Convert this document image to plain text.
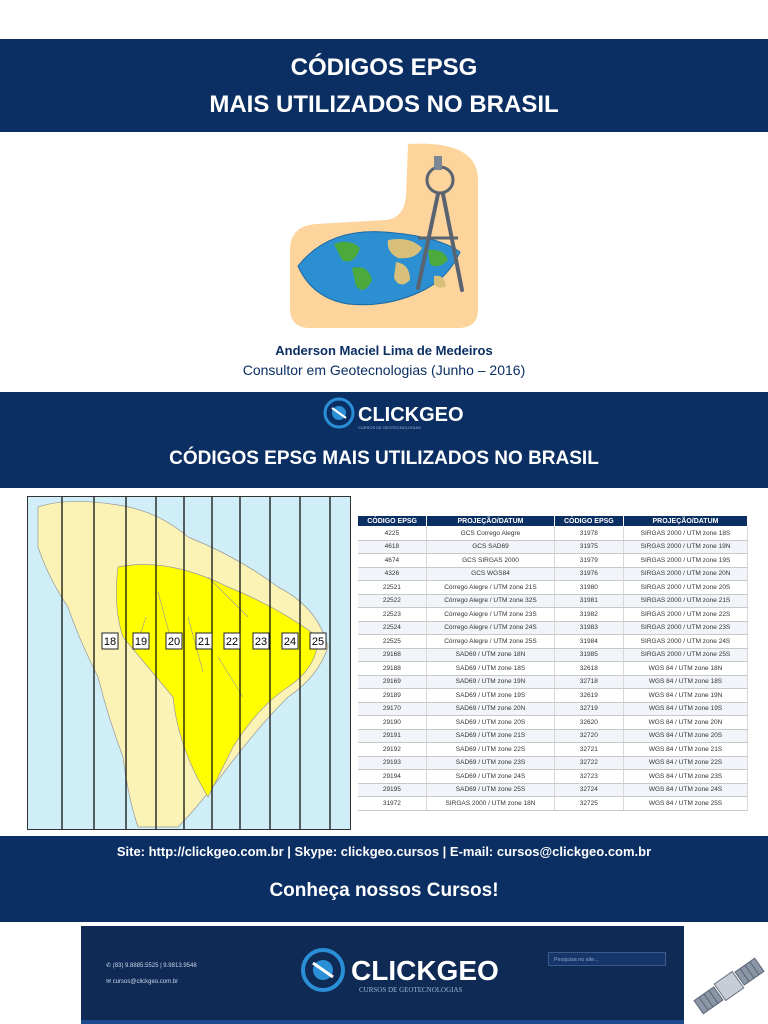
CÓDIGOS EPSG
MAIS UTILIZADOS NO BRASIL
Anderson Maciel Lima de Medeiros
Consultor em Geotecnologias (Junho – 2016)
CLICKGEO
CURSOS DE GEOTECNOLOGIAS
CÓDIGOS EPSG MAIS UTILIZADOS NO BRASIL
18 19 20 21 22 23 24 25
CÓDIGO EPSG	PROJEÇÃO/DATUM	CÓDIGO EPSG	PROJEÇÃO/DATUM
4225	GCS Corrego Alegre	31978	SIRGAS 2000 / UTM zone 18S
4618	GCS SAD69	31975	SIRGAS 2000 / UTM zone 19N
4674	GCS SIRGAS 2000	31979	SIRGAS 2000 / UTM zone 19S
4326	GCS WGS84	31976	SIRGAS 2000 / UTM zone 20N
22521	Córrego Alegre / UTM zone 21S	31980	SIRGAS 2000 / UTM zone 20S
22522	Córrego Alegre / UTM zone 32S	31981	SIRGAS 2000 / UTM zone 21S
22523	Córrego Alegre / UTM zone 23S	31982	SIRGAS 2000 / UTM zone 22S
22524	Córrego Alegre / UTM zone 24S	31983	SIRGAS 2000 / UTM zone 23S
22525	Córrego Alegre / UTM zone 25S	31984	SIRGAS 2000 / UTM zone 24S
29168	SAD69 / UTM zone 18N	31985	SIRGAS 2000 / UTM zone 25S
29188	SAD69 / UTM zone 18S	32618	WGS 84 / UTM zone 18N
29169	SAD69 / UTM zone 19N	32718	WGS 84 / UTM zone 18S
29189	SAD69 / UTM zone 19S	32619	WGS 84 / UTM zone 19N
29170	SAD69 / UTM zone 20N	32719	WGS 84 / UTM zone 19S
29190	SAD69 / UTM zone 20S	32620	WGS 84 / UTM zone 20N
29191	SAD69 / UTM zone 21S	32720	WGS 84 / UTM zone 20S
29192	SAD69 / UTM zone 22S	32721	WGS 84 / UTM zone 21S
29193	SAD69 / UTM zone 23S	32722	WGS 84 / UTM zone 22S
29194	SAD69 / UTM zone 24S	32723	WGS 84 / UTM zone 23S
29195	SAD69 / UTM zone 25S	32724	WGS 84 / UTM zone 24S
31972	SIRGAS 2000 / UTM zone 18N	32725	WGS 84 / UTM zone 25S
Site: http://clickgeo.com.br | Skype: clickgeo.cursos | E-mail: cursos@clickgeo.com.br
Conheça nossos Cursos!
✆ (83) 9.8885.5525 | 9.9813.9548
✉ cursos@clickgeo.com.br	CLICKGEO
CURSOS DE GEOTECNOLOGIAS
Pesquisa no site...
